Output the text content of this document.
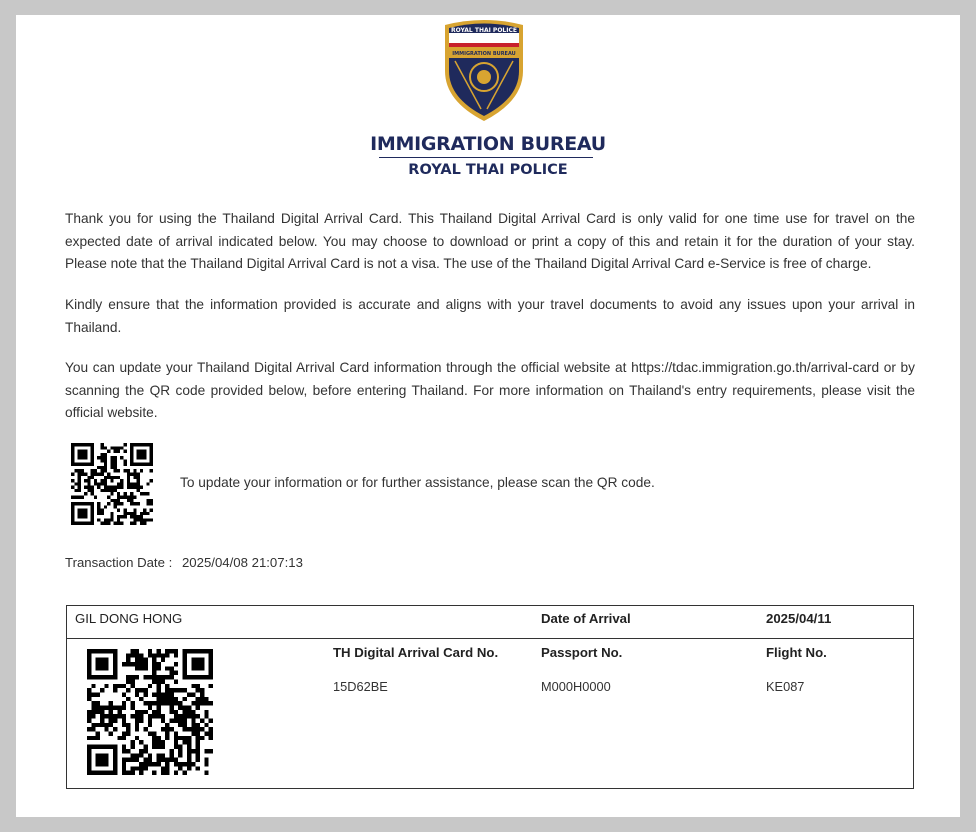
ROYAL THAI POLICE
IMMIGRATION BUREAU
IMMIGRATION BUREAU
ROYAL THAI POLICE

Thank you for using the Thailand Digital Arrival Card. This Thailand Digital Arrival Card is only valid for one time use for travel on the expected date of arrival indicated below. You may choose to download or print a copy of this and retain it for the duration of your stay. Please note that the Thailand Digital Arrival Card is not a visa. The use of the Thailand Digital Arrival Card e-Service is free of charge.

Kindly ensure that the information provided is accurate and aligns with your travel documents to avoid any issues upon your arrival in Thailand.

You can update your Thailand Digital Arrival Card information through the official website at https://tdac.immigration.go.th/arrival-card or by scanning the QR code provided below, before entering Thailand. For more information on Thailand's entry requirements, please visit the official website.

To update your information or for further assistance, please scan the QR code.
Transaction Date : 2025/04/08 21:07:13
GIL DONG HONG	Date of Arrival	2025/04/11
TH Digital Arrival Card No.	Passport No.	Flight No.
15D62BE	M000H0000	KE087
